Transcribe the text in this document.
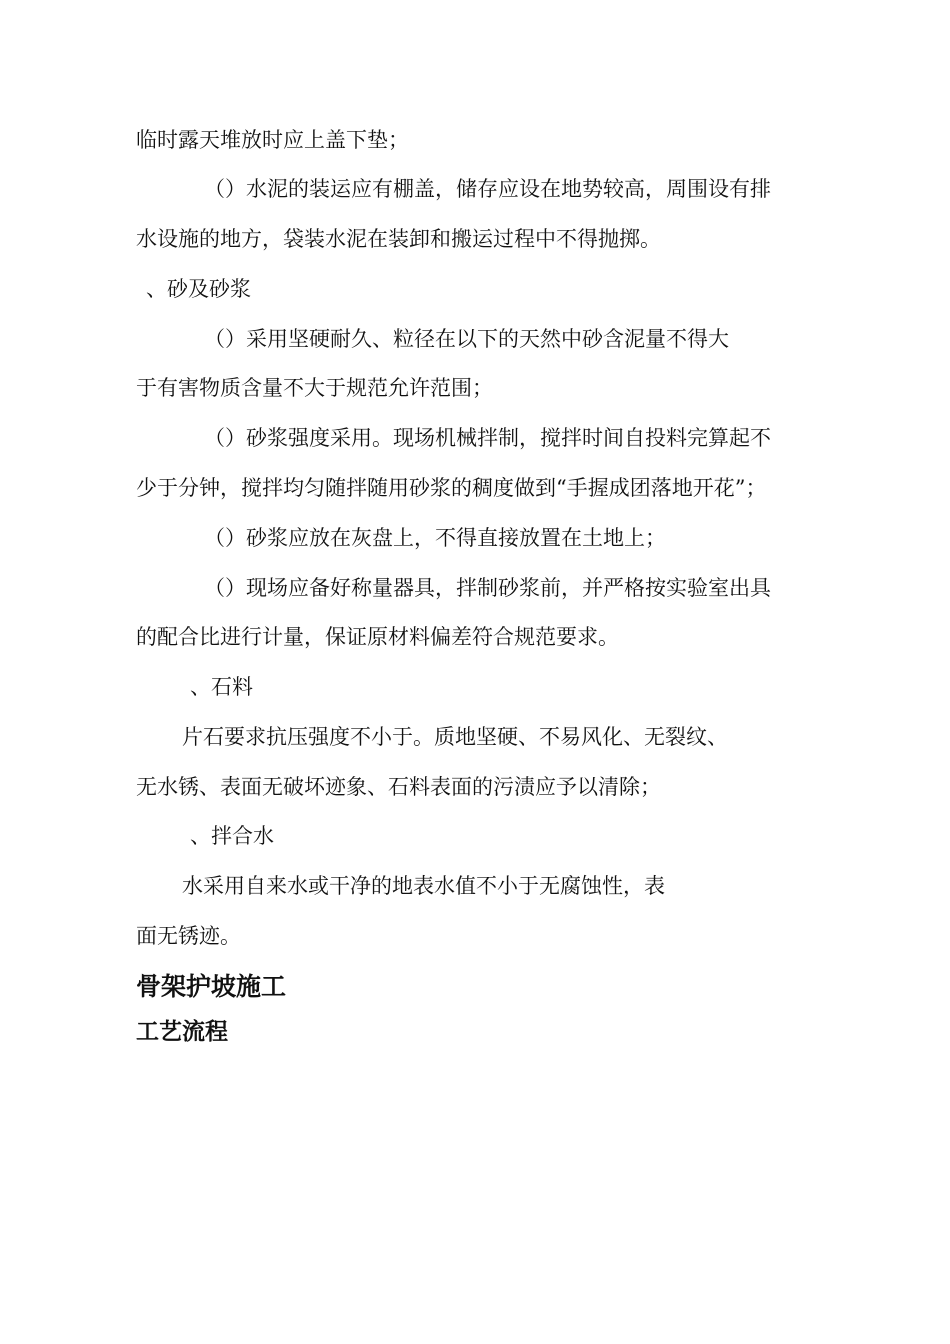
临时露天堆放时应上盖下垫；

（）水泥的装运应有棚盖，储存应设在地势较高，周围设有排

水设施的地方，袋装水泥在装卸和搬运过程中不得抛掷。

、砂及砂浆

（）采用坚硬耐久、粒径在以下的天然中砂含泥量不得大

于有害物质含量不大于规范允许范围；

（）砂浆强度采用。现场机械拌制，搅拌时间自投料完算起不

少于分钟，搅拌均匀随拌随用砂浆的稠度做到“手握成团落地开花”；

（）砂浆应放在灰盘上，不得直接放置在土地上；

（）现场应备好称量器具，拌制砂浆前，并严格按实验室出具

的配合比进行计量，保证原材料偏差符合规范要求。

、石料

片石要求抗压强度不小于。质地坚硬、不易风化、无裂纹、

无水锈、表面无破坏迹象、石料表面的污渍应予以清除；

、拌合水

水采用自来水或干净的地表水值不小于无腐蚀性，表

面无锈迹。

骨架护坡施工
工艺流程
